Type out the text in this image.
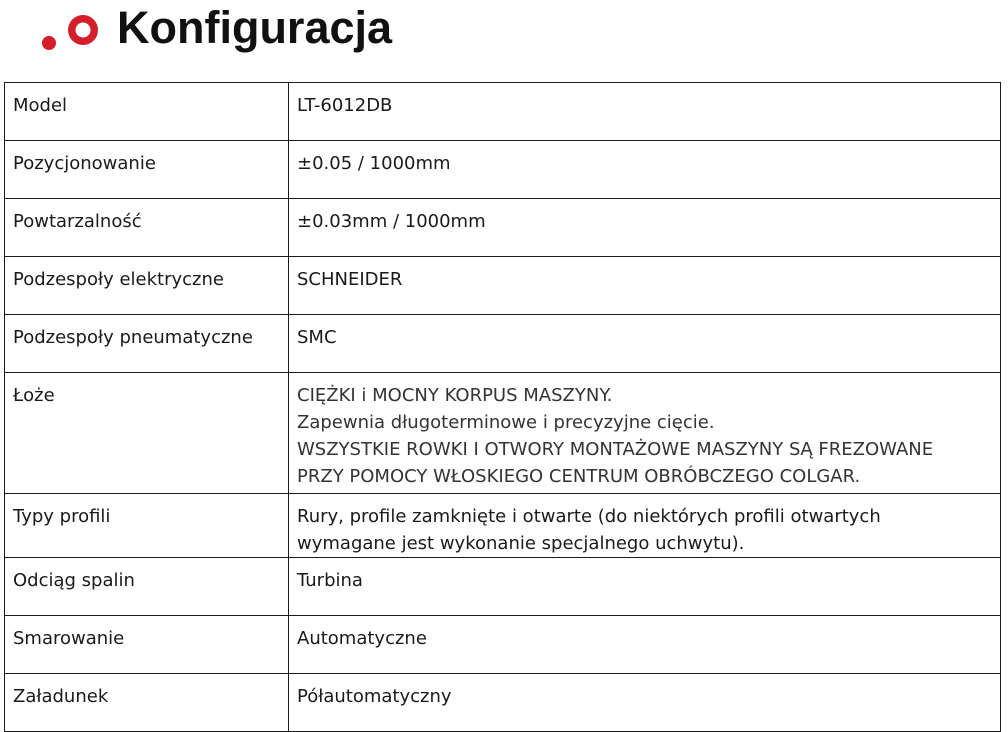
Konfiguracja
Model	LT-6012DB
Pozycjonowanie	±0.05 / 1000mm
Powtarzalność	±0.03mm / 1000mm
Podzespoły elektryczne	SCHNEIDER
Podzespoły pneumatyczne	SMC
Łoże	CIĘŻKI i MOCNY KORPUS MASZYNY.
Zapewnia długoterminowe i precyzyjne cięcie.
WSZYSTKIE ROWKI I OTWORY MONTAŻOWE MASZYNY SĄ FREZOWANE
PRZY POMOCY WŁOSKIEGO CENTRUM OBRÓBCZEGO COLGAR.

Typy profili	Rury, profile zamknięte i otwarte (do niektórych profili otwartych
wymagane jest wykonanie specjalnego uchwytu).

Odciąg spalin	Turbina
Smarowanie	Automatyczne
Załadunek	Półautomatyczny
